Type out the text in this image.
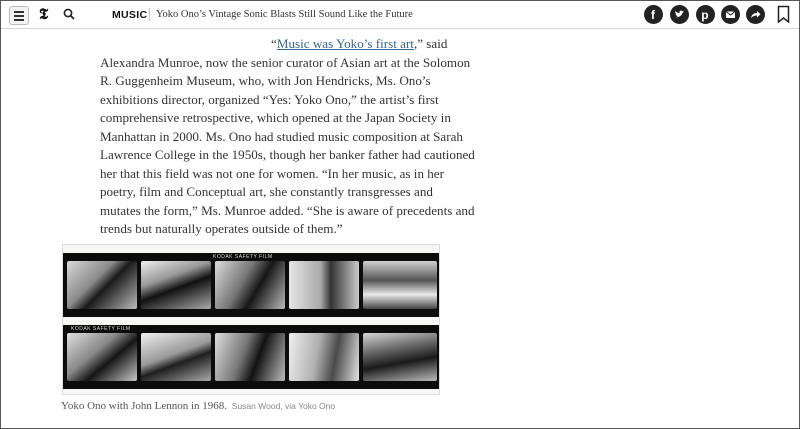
𝕿	MUSIC Yoko Ono’s Vintage Sonic Blasts Still Sound Like the Future	f	p
“Music was Yoko’s first art,” said
Alexandra Munroe, now the senior curator of Asian art at the Solomon
R. Guggenheim Museum, who, with Jon Hendricks, Ms. Ono’s
exhibitions director, organized “Yes: Yoko Ono,” the artist’s first
comprehensive retrospective, which opened at the Japan Society in
Manhattan in 2000. Ms. Ono had studied music composition at Sarah
Lawrence College in the 1950s, though her banker father had cautioned
her that this field was not one for women. “In her music, as in her
poetry, film and Conceptual art, she constantly transgresses and
mutates the form,” Ms. Munroe added. “She is aware of precedents and
trends but naturally operates outside of them.”
KODAK SAFETY FILM
KODAK SAFETY FILM
Yoko Ono with John Lennon in 1968. Susan Wood, via Yoko Ono
